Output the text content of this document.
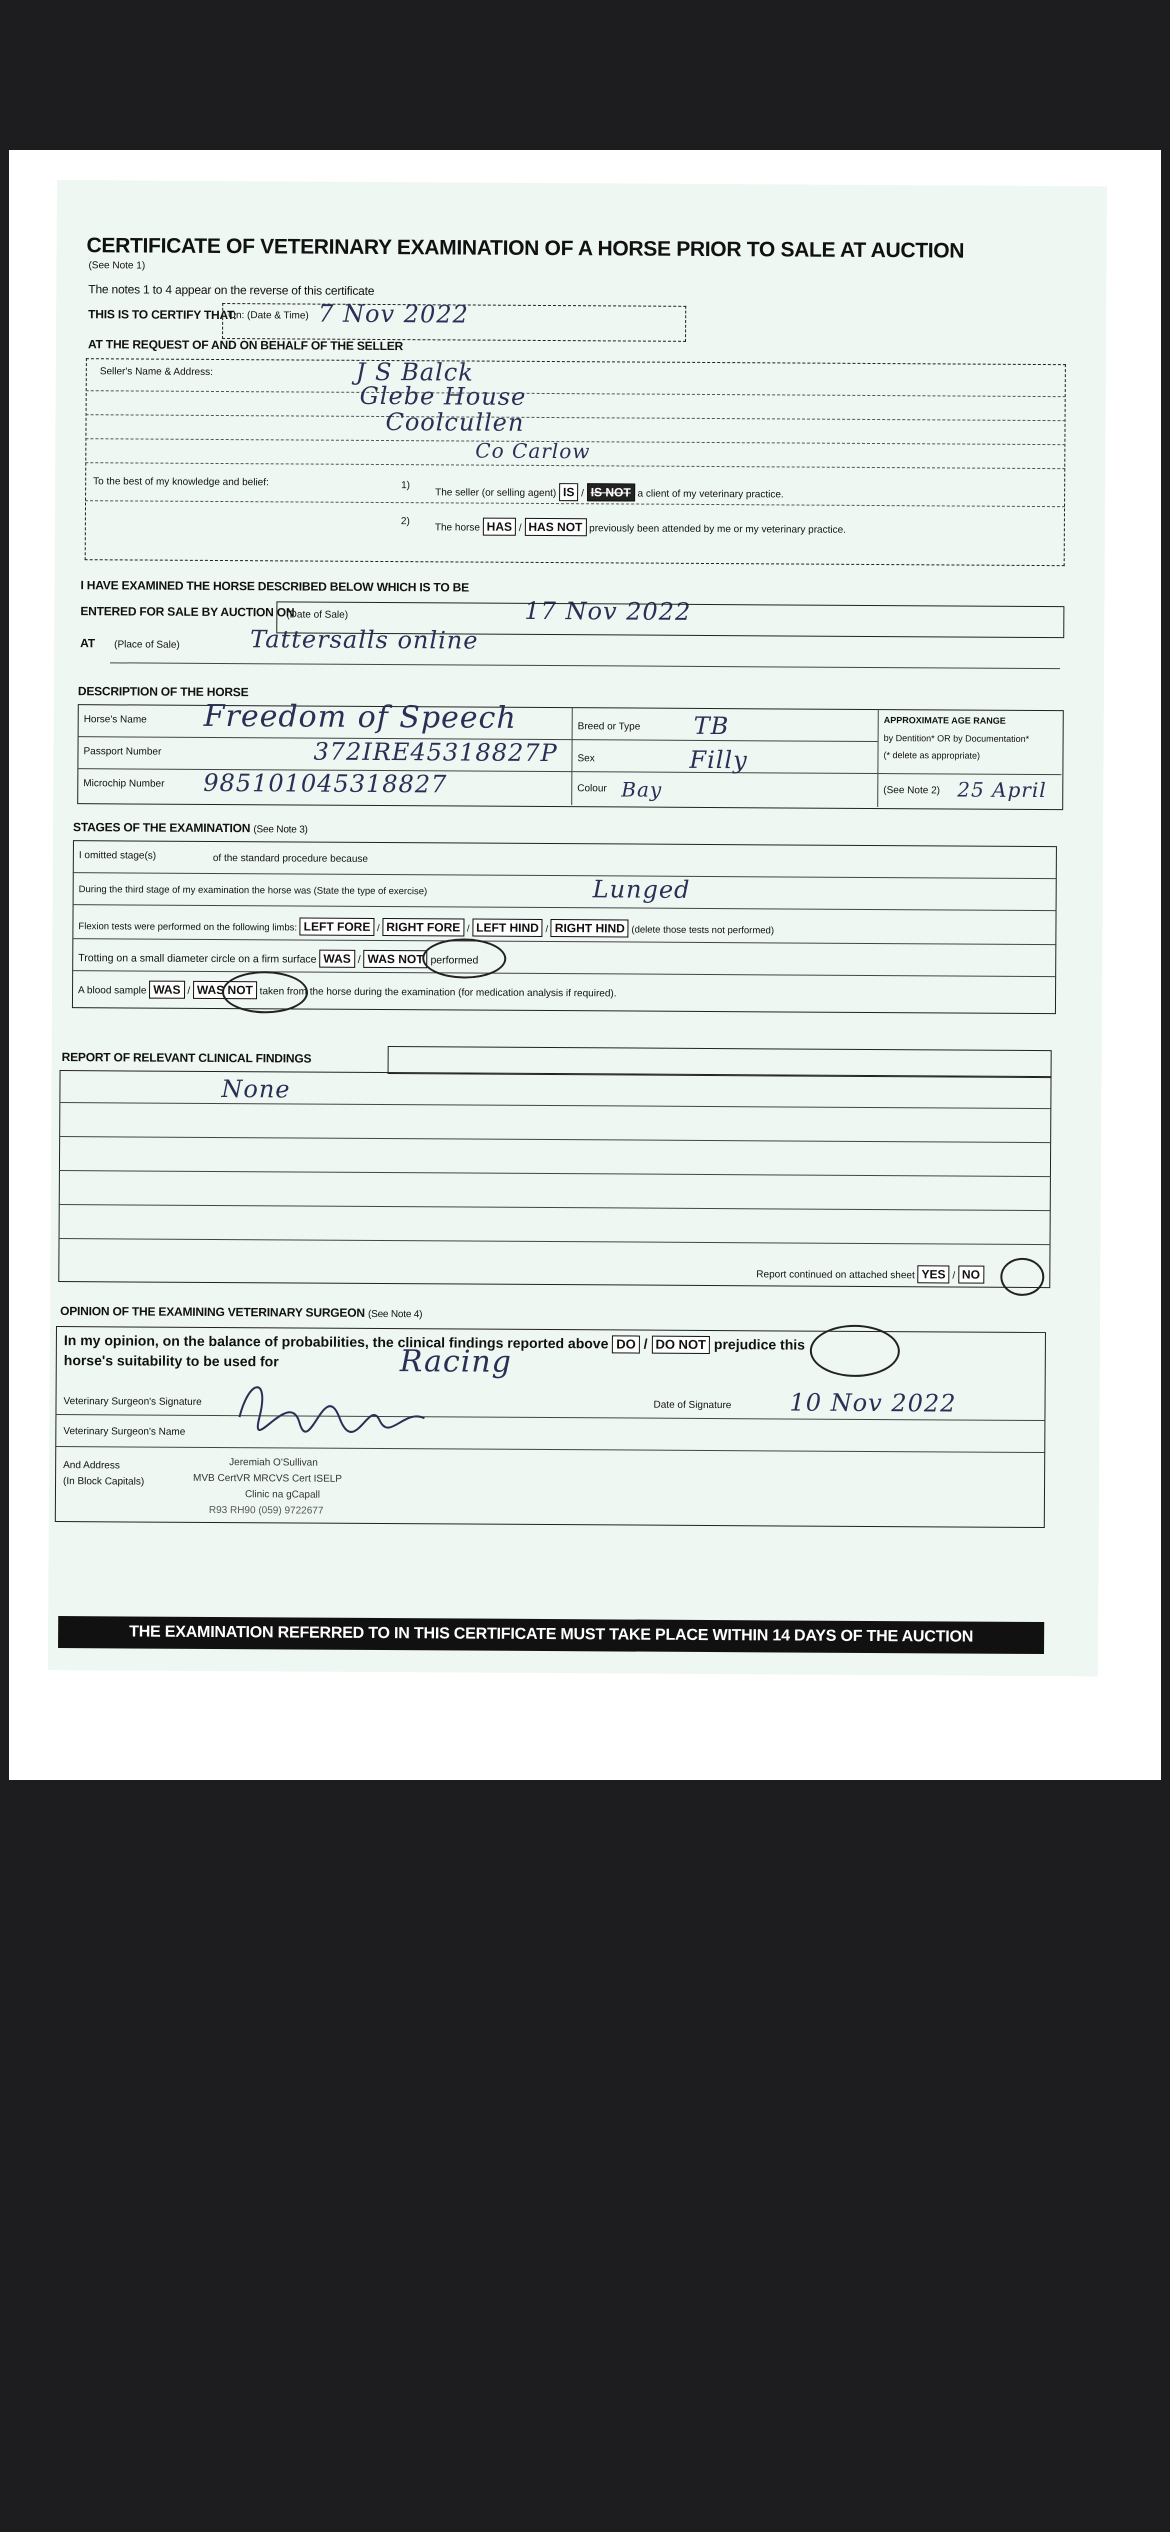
CERTIFICATE OF VETERINARY EXAMINATION OF A HORSE PRIOR TO SALE AT AUCTION
(See Note 1)
The notes 1 to 4 appear on the reverse of this certificate
THIS IS TO CERTIFY THAT:
On: (Date & Time) 7 Nov 2022
AT THE REQUEST OF AND ON BEHALF OF THE SELLER
Seller's Name & Address:	J S Balck
Glebe House
Coolcullen
Co Carlow
To the best of my knowledge and belief:	1)
The seller (or selling agent) IS / IS NOT a client of my veterinary practice.
2)
The horse HAS / HAS NOT previously been attended by me or my veterinary practice.
I HAVE EXAMINED THE HORSE DESCRIBED BELOW WHICH IS TO BE
ENTERED FOR SALE BY AUCTION ON
(Date of Sale)	17 Nov 2022
AT (Place of Sale)	Tattersalls online
DESCRIPTION OF THE HORSE
Horse's Name Freedom of Speech
Passport Number	372IRE45318827P
Microchip Number 985101045318827
Breed or Type TB
Sex	Filly
Colour Bay
APPROXIMATE AGE RANGE
by Dentition* OR by Documentation*
(* delete as appropriate)
(See Note 2) 25 April
STAGES OF THE EXAMINATION (See Note 3)
I omitted stage(s)	of the standard procedure because
During the third stage of my examination the horse was (State the type of exercise)	Lunged
Flexion tests were performed on the following limbs: LEFT FORE / RIGHT FORE / LEFT HIND / RIGHT HIND (delete those tests not performed)
Trotting on a small diameter circle on a firm surface WAS / WAS NOT performed
A blood sample WAS / WAS NOT taken from the horse during the examination (for medication analysis if required).
REPORT OF RELEVANT CLINICAL FINDINGS
None
Report continued on attached sheet YES / NO
OPINION OF THE EXAMINING VETERINARY SURGEON (See Note 4)
In my opinion, on the balance of probabilities, the clinical findings reported above DO / DO NOT prejudice this
horse's suitability to be used for	Racing
Veterinary Surgeon's Signature	Date of Signature 10 Nov 2022
Veterinary Surgeon's Name
And Address
(In Block Capitals)
Jeremiah O'Sullivan
MVB CertVR MRCVS Cert ISELP
Clinic na gCapall
R93 RH90 (059) 9722677
THE EXAMINATION REFERRED TO IN THIS CERTIFICATE MUST TAKE PLACE WITHIN 14 DAYS OF THE AUCTION
